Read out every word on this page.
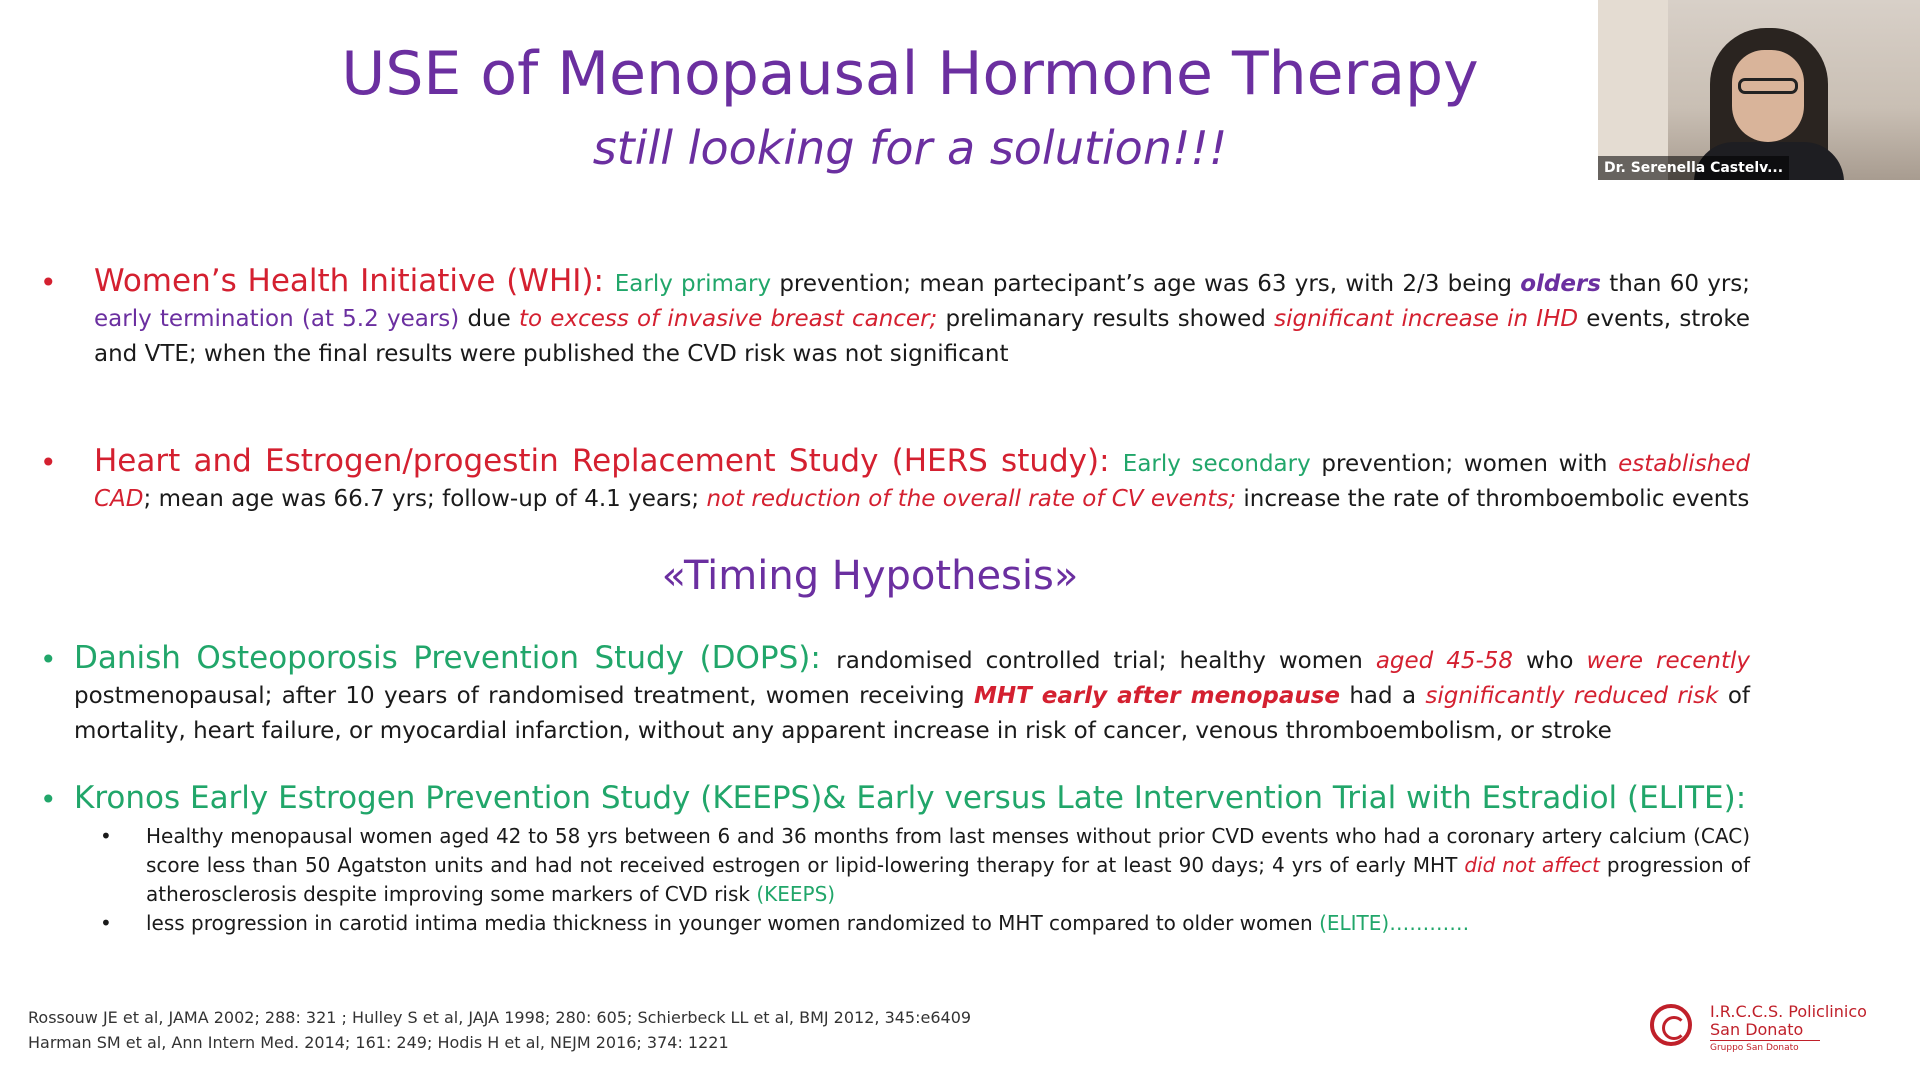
USE of Menopausal Hormone Therapy
still looking for a solution!!!
• Women’s Health Initiative (WHI): Early primary prevention; mean partecipant’s age was 63 yrs, with 2/3 being olders than 60 yrs; early termination (at 5.2 years) due to excess of invasive breast cancer; prelimanary results showed significant increase in IHD events, stroke and VTE; when the final results were published the CVD risk was not significant
• Heart and Estrogen/progestin Replacement Study (HERS study): Early secondary prevention; women with established CAD; mean age was 66.7 yrs; follow-up of 4.1 years; not reduction of the overall rate of CV events; increase the rate of thromboembolic events
«Timing Hypothesis»
• Danish Osteoporosis Prevention Study (DOPS): randomised controlled trial; healthy women aged 45-58 who were recently postmenopausal; after 10 years of randomised treatment, women receiving MHT early after menopause had a significantly reduced risk of mortality, heart failure, or myocardial infarction, without any apparent increase in risk of cancer, venous thromboembolism, or stroke
• Kronos Early Estrogen Prevention Study (KEEPS)& Early versus Late Intervention Trial with Estradiol (ELITE):
• Healthy menopausal women aged 42 to 58 yrs between 6 and 36 months from last menses without prior CVD events who had a coronary artery calcium (CAC) score less than 50 Agatston units and had not received estrogen or lipid-lowering therapy for at least 90 days; 4 yrs of early MHT did not affect progression of atherosclerosis despite improving some markers of CVD risk (KEEPS)
• less progression in carotid intima media thickness in younger women randomized to MHT compared to older women (ELITE)…………
Rossouw JE et al, JAMA 2002; 288: 321 ; Hulley S et al, JAJA 1998; 280: 605; Schierbeck LL et al, BMJ 2012, 345:e6409
Harman SM et al, Ann Intern Med. 2014; 161: 249; Hodis H et al, NEJM 2016; 374: 1221
I.R.C.C.S. Policlinico
San Donato
Gruppo San Donato
Dr. Serenella Castelv...
